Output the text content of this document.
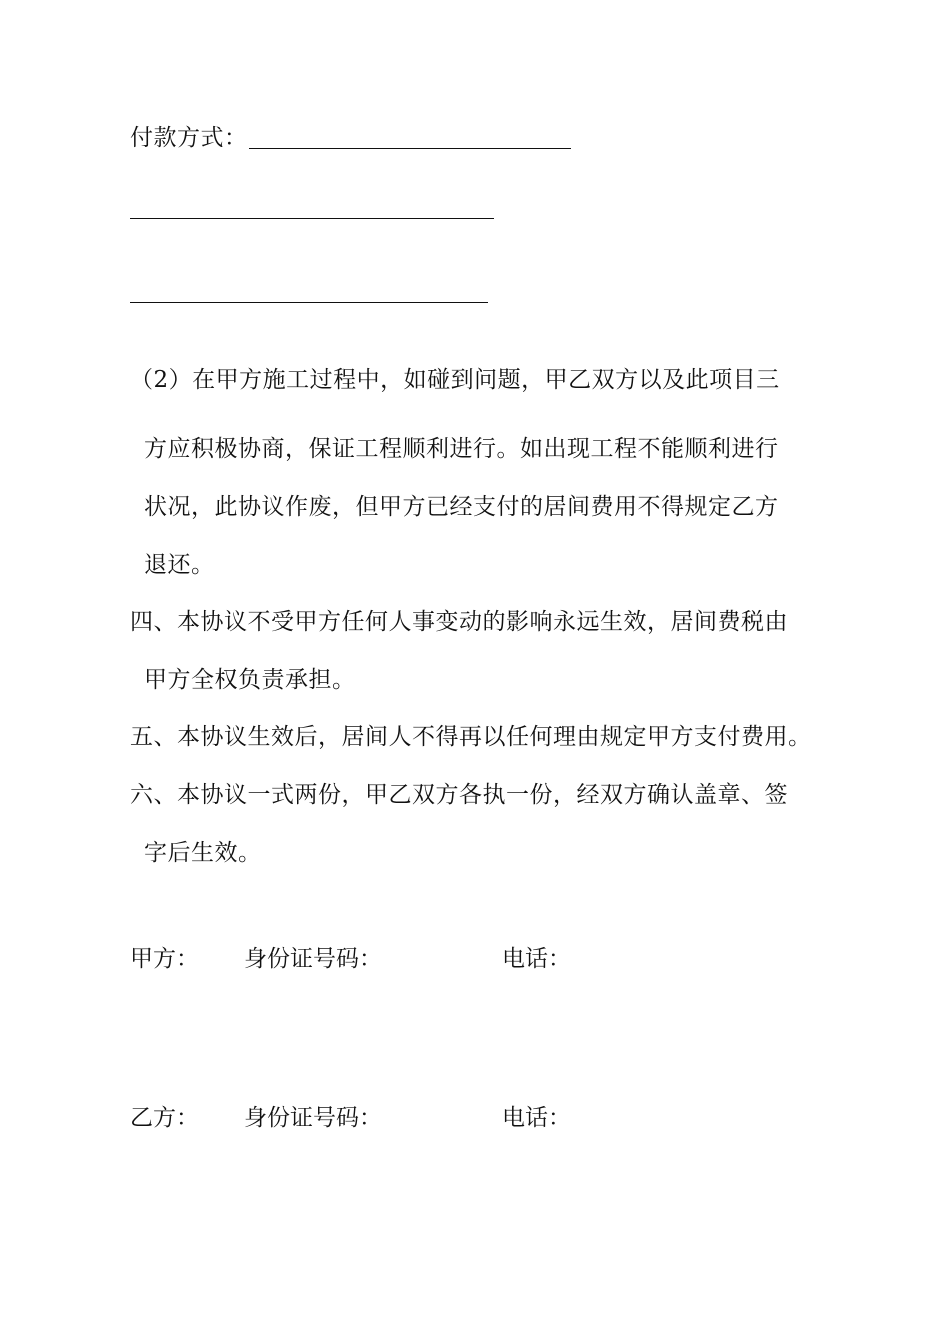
付款方式：
（2）在甲方施工过程中，如碰到问题，甲乙双方以及此项目三
方应积极协商，保证工程顺利进行。如出现工程不能顺利进行
状况，此协议作废，但甲方已经支付的居间费用不得规定乙方
退还。
四、本协议不受甲方任何人事变动的影响永远生效，居间费税由
甲方全权负责承担。
五、本协议生效后，居间人不得再以任何理由规定甲方支付费用。
六、本协议一式两份，甲乙双方各执一份，经双方确认盖章、签
字后生效。
甲方： 身份证号码：	电话：
乙方： 身份证号码：	电话：
